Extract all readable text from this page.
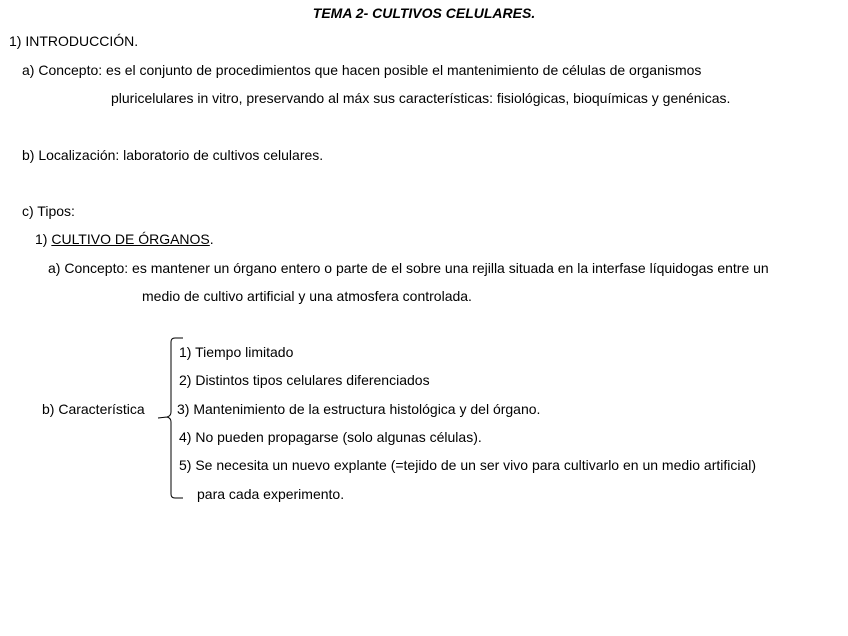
TEMA 2- CULTIVOS CELULARES.
1) INTRODUCCIÓN.
a) Concepto: es el conjunto de procedimientos que hacen posible el mantenimiento de células de organismos
pluricelulares in vitro, preservando al máx sus características: fisiológicas, bioquímicas y genénicas.
b) Localización: laboratorio de cultivos celulares.
c) Tipos:
1) CULTIVO DE ÓRGANOS.
a) Concepto: es mantener un órgano entero o parte de el sobre una rejilla situada en la interfase líquidogas entre un
medio de cultivo artificial y una atmosfera controlada.
b) Característica
1) Tiempo limitado
2) Distintos tipos celulares diferenciados
3) Mantenimiento de la estructura histológica y del órgano.
4) No pueden propagarse (solo algunas células).
5) Se necesita un nuevo explante (=tejido de un ser vivo para cultivarlo en un medio artificial)
para cada experimento.
